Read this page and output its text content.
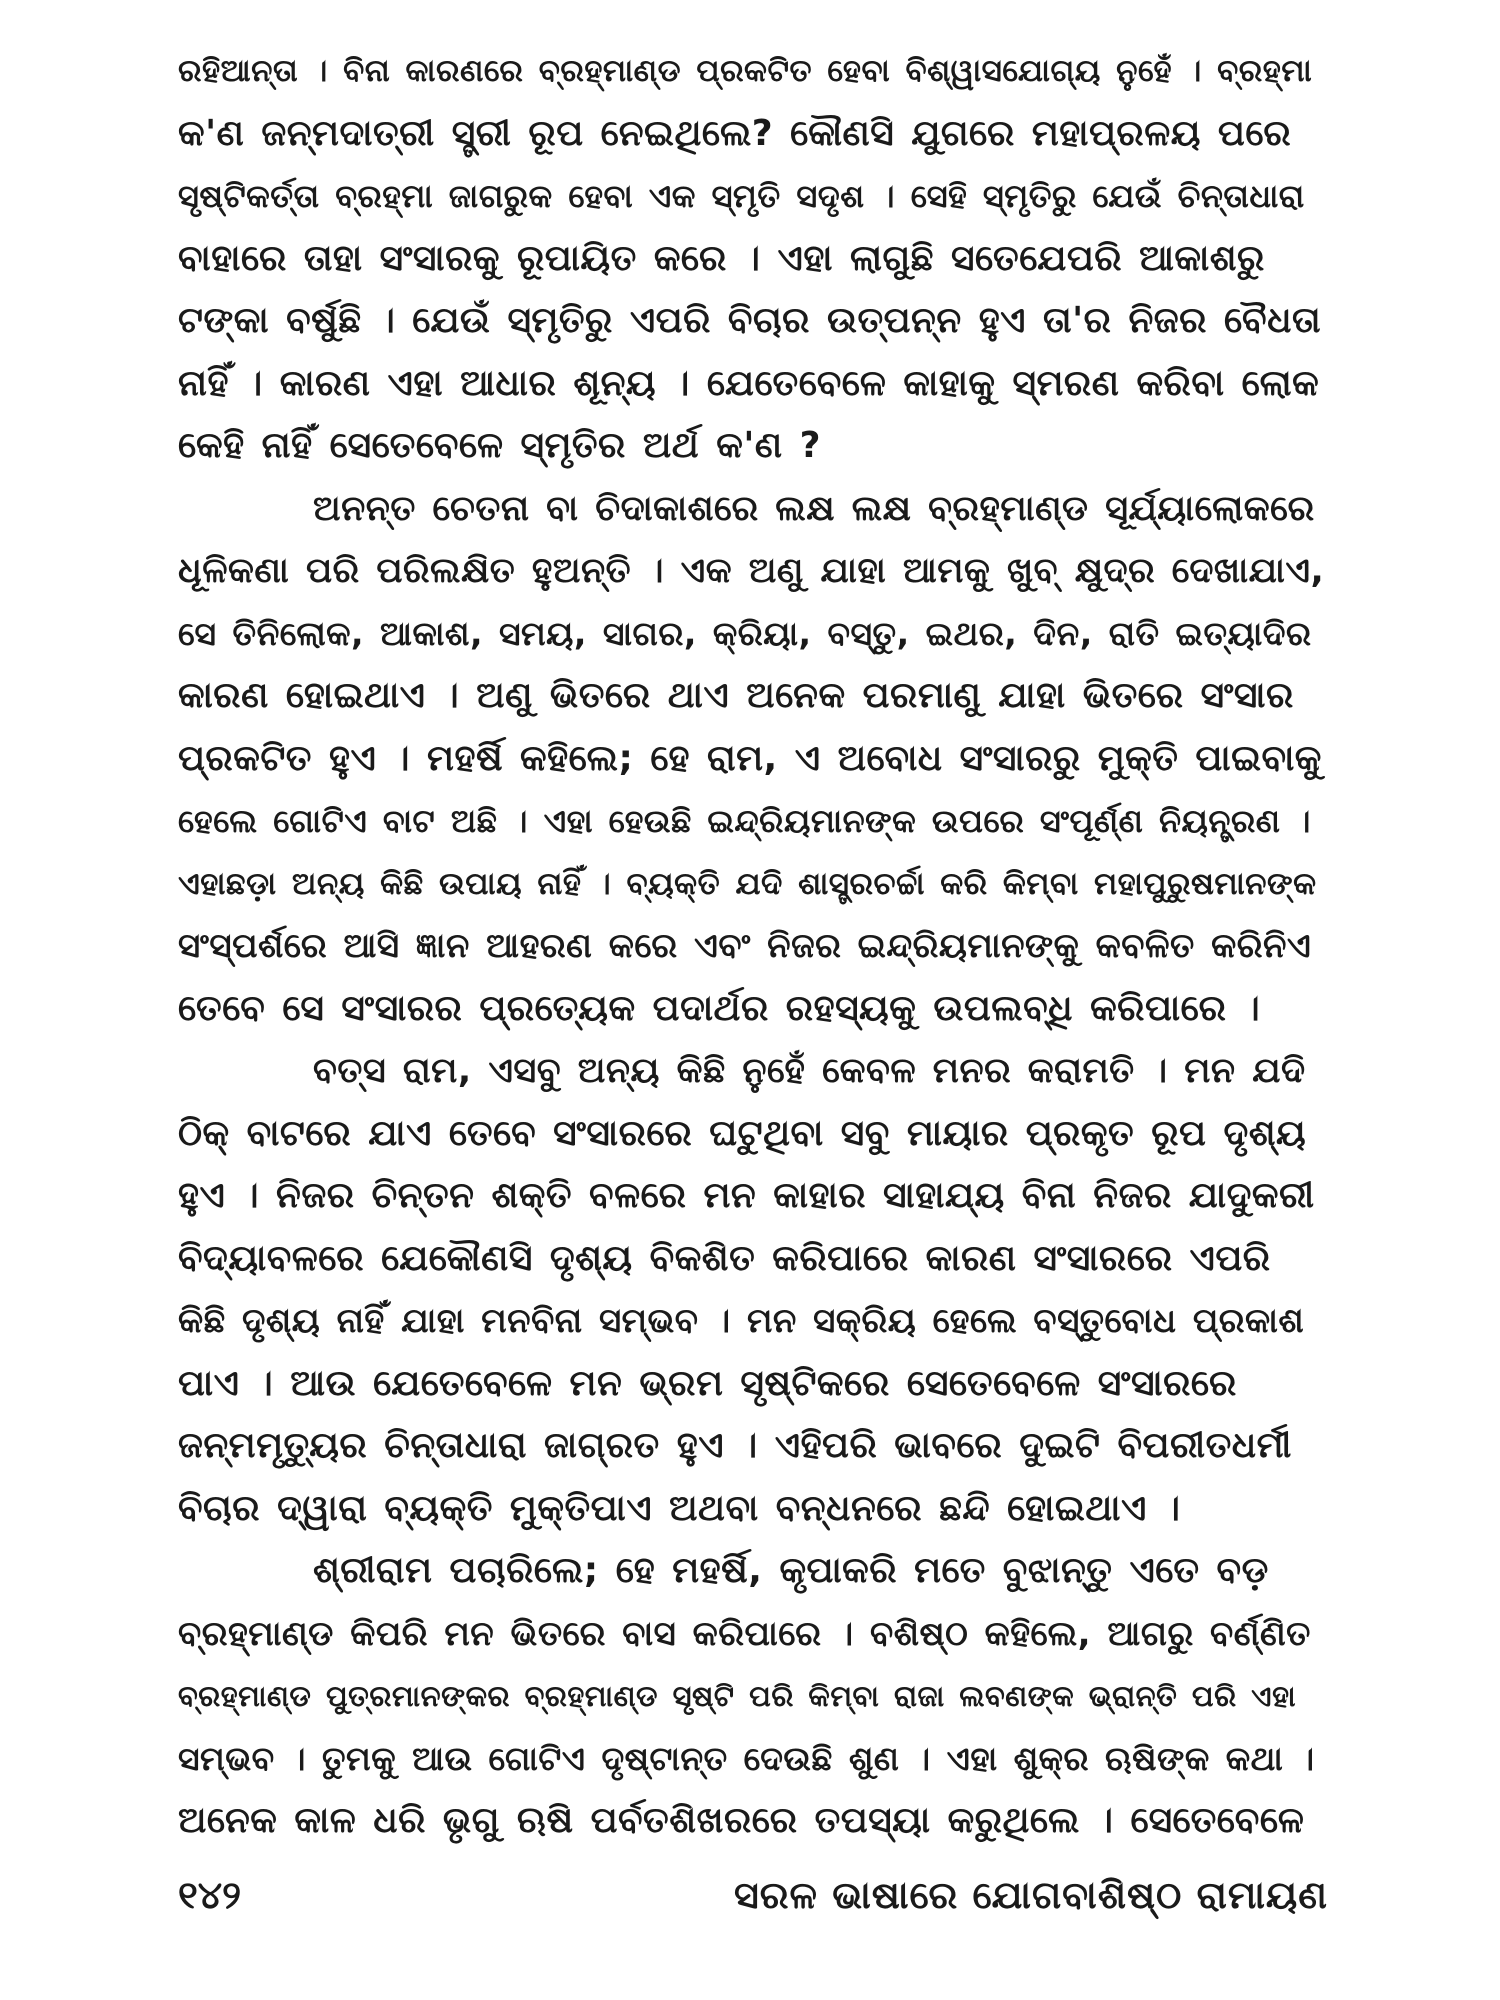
ରହିଆନ୍ତା । ବିନା କାରଣରେ ବ୍ରହ୍ମାଣ୍ଡ ପ୍ରକଟିତ ହେବା ବିଶ୍ୱାସଯୋଗ୍ୟ ନୁହେଁ । ବ୍ରହ୍ମା
କ'ଣ ଜନ୍ମଦାତ୍ରୀ ସ୍ତ୍ରୀ ରୂପ ନେଇଥିଲେ? କୌଣସି ଯୁଗରେ ମହାପ୍ରଳୟ ପରେ
ସୃଷ୍ଟିକର୍ତ୍ତା ବ୍ରହ୍ମା ଜାଗରୁକ ହେବା ଏକ ସ୍ମୃତି ସଦୃଶ । ସେହି ସ୍ମୃତିରୁ ଯେଉଁ ଚିନ୍ତାଧାରା
ବାହାରେ ତାହା ସଂସାରକୁ ରୂପାୟିତ କରେ । ଏହା ଲାଗୁଛି ସତେଯେପରି ଆକାଶରୁ
ଟଙ୍କା ବର୍ଷୁଛି । ଯେଉଁ ସ୍ମୃତିରୁ ଏପରି ବିଚାର ଉତ୍ପନ୍ନ ହୁଏ ତା'ର ନିଜର ବୈଧତା
ନାହିଁ । କାରଣ ଏହା ଆଧାର ଶୂନ୍ୟ । ଯେତେବେଳେ କାହାକୁ ସ୍ମରଣ କରିବା ଲୋକ
କେହି ନାହିଁ ସେତେବେଳେ ସ୍ମୃତିର ଅର୍ଥ କ'ଣ ?
ଅନନ୍ତ ଚେତନା ବା ଚିଦାକାଶରେ ଲକ୍ଷ ଲକ୍ଷ ବ୍ରହ୍ମାଣ୍ଡ ସୂର୍ଯ୍ୟାଲୋକରେ
ଧୂଳିକଣା ପରି ପରିଲକ୍ଷିତ ହୁଅନ୍ତି । ଏକ ଅଣୁ ଯାହା ଆମକୁ ଖୁବ୍ କ୍ଷୁଦ୍ର ଦେଖାଯାଏ,
ସେ ତିନିଲୋକ, ଆକାଶ, ସମୟ, ସାଗର, କ୍ରିୟା, ବସ୍ତୁ, ଇଥର, ଦିନ, ରାତି ଇତ୍ୟାଦିର
କାରଣ ହୋଇଥାଏ । ଅଣୁ ଭିତରେ ଥାଏ ଅନେକ ପରମାଣୁ ଯାହା ଭିତରେ ସଂସାର
ପ୍ରକଟିତ ହୁଏ । ମହର୍ଷି କହିଲେ; ହେ ରାମ, ଏ ଅବୋଧ ସଂସାରରୁ ମୁକ୍ତି ପାଇବାକୁ
ହେଲେ ଗୋଟିଏ ବାଟ ଅଛି । ଏହା ହେଉଛି ଇନ୍ଦ୍ରିୟମାନଙ୍କ ଉପରେ ସଂପୂର୍ଣ୍ଣ ନିୟନ୍ତ୍ରଣ ।
ଏହାଛଡ଼ା ଅନ୍ୟ କିଛି ଉପାୟ ନାହିଁ । ବ୍ୟକ୍ତି ଯଦି ଶାସ୍ତ୍ରଚର୍ଚ୍ଚା କରି କିମ୍ବା ମହାପୁରୁଷମାନଙ୍କ
ସଂସ୍ପର୍ଶରେ ଆସି ଜ୍ଞାନ ଆହରଣ କରେ ଏବଂ ନିଜର ଇନ୍ଦ୍ରିୟମାନଙ୍କୁ କବଳିତ କରିନିଏ
ତେବେ ସେ ସଂସାରର ପ୍ରତ୍ୟେକ ପଦାର୍ଥର ରହସ୍ୟକୁ ଉପଲବ୍ଧି କରିପାରେ ।
ବତ୍ସ ରାମ, ଏସବୁ ଅନ୍ୟ କିଛି ନୁହେଁ କେବଳ ମନର କରାମତି । ମନ ଯଦି
ଠିକ୍ ବାଟରେ ଯାଏ ତେବେ ସଂସାରରେ ଘଟୁଥିବା ସବୁ ମାୟାର ପ୍ରକୃତ ରୂପ ଦୃଶ୍ୟ
ହୁଏ । ନିଜର ଚିନ୍ତନ ଶକ୍ତି ବଳରେ ମନ କାହାର ସାହାଯ୍ୟ ବିନା ନିଜର ଯାଦୁକରୀ
ବିଦ୍ୟାବଳରେ ଯେକୌଣସି ଦୃଶ୍ୟ ବିକଶିତ କରିପାରେ କାରଣ ସଂସାରରେ ଏପରି
କିଛି ଦୃଶ୍ୟ ନାହିଁ ଯାହା ମନବିନା ସମ୍ଭବ । ମନ ସକ୍ରିୟ ହେଲେ ବସ୍ତୁବୋଧ ପ୍ରକାଶ
ପାଏ । ଆଉ ଯେତେବେଳେ ମନ ଭ୍ରମ ସୃଷ୍ଟିକରେ ସେତେବେଳେ ସଂସାରରେ
ଜନ୍ମମୃତ୍ୟୁର ଚିନ୍ତାଧାରା ଜାଗ୍ରତ ହୁଏ । ଏହିପରି ଭାବରେ ଦୁଇଟି ବିପରୀତଧର୍ମୀ
ବିଚାର ଦ୍ୱାରା ବ୍ୟକ୍ତି ମୁକ୍ତିପାଏ ଅଥବା ବନ୍ଧନରେ ଛନ୍ଦି ହୋଇଥାଏ ।
ଶ୍ରୀରାମ ପଚାରିଲେ; ହେ ମହର୍ଷି, କୃପାକରି ମତେ ବୁଝାନ୍ତୁ ଏତେ ବଡ଼
ବ୍ରହ୍ମାଣ୍ଡ କିପରି ମନ ଭିତରେ ବାସ କରିପାରେ । ବଶିଷ୍ଠ କହିଲେ, ଆଗରୁ ବର୍ଣ୍ଣିତ
ବ୍ରହ୍ମାଣ୍ଡ ପୁତ୍ରମାନଙ୍କର ବ୍ରହ୍ମାଣ୍ଡ ସୃଷ୍ଟି ପରି କିମ୍ବା ରାଜା ଲବଣଙ୍କ ଭ୍ରାନ୍ତି ପରି ଏହା
ସମ୍ଭବ । ତୁମକୁ ଆଉ ଗୋଟିଏ ଦୃଷ୍ଟାନ୍ତ ଦେଉଛି ଶୁଣ । ଏହା ଶୁକ୍ର ଋଷିଙ୍କ କଥା ।
ଅନେକ କାଳ ଧରି ଭୃଗୁ ଋଷି ପର୍ବତଶିଖରରେ ତପସ୍ୟା କରୁଥିଲେ । ସେତେବେଳେ
୧୪୨	ସରଳ ଭାଷାରେ ଯୋଗବାଶିଷ୍ଠ ରାମାୟଣ
